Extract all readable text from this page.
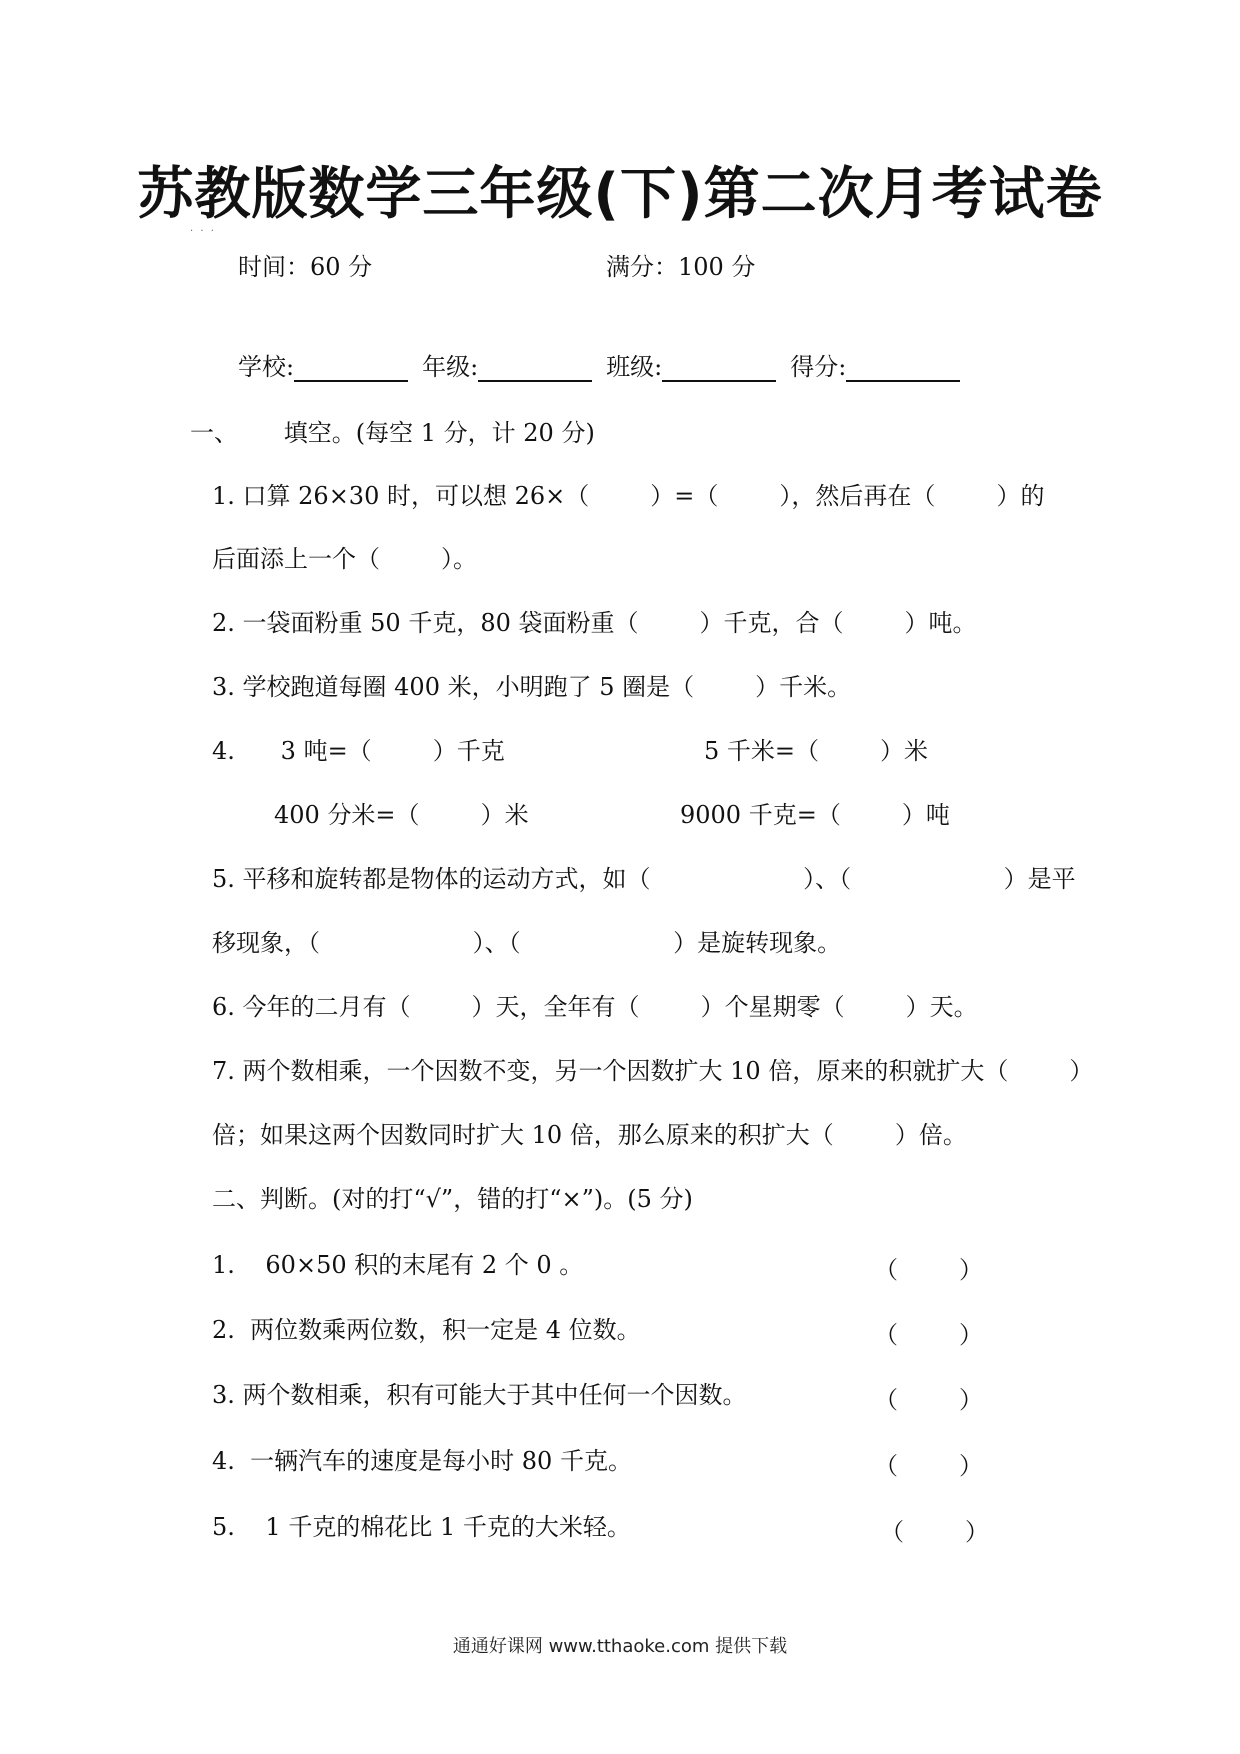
苏教版数学三年级(下)第二次月考试卷
· · ·
时间：60 分	满分：100 分
学校:	年级:	班级:	得分:
一、      填空。(每空 1 分，计 20 分)
1. 口算 26×30 时，可以想 26×（        ）=（        ），然后再在（        ）的
后面添上一个（        ）。
2. 一袋面粉重 50 千克，80 袋面粉重（        ）千克，合（        ）吨。
3. 学校跑道每圈 400 米，小明跑了 5 圈是（        ）千米。
4.      3 吨=（        ）千克	5 千米=（        ）米
400 分米=（        ）米	9000 千克=（        ）吨
5. 平移和旋转都是物体的运动方式，如（                    ）、（                    ）是平
移现象，（                    ）、（                    ）是旋转现象。
6. 今年的二月有（        ）天，全年有（        ）个星期零（        ）天。
7. 两个数相乘，一个因数不变，另一个因数扩大 10 倍，原来的积就扩大（        ）
倍；如果这两个因数同时扩大 10 倍，那么原来的积扩大（        ）倍。
二、判断。(对的打“√”，错的打“×”)。(5 分)
1.    60×50 积的末尾有 2 个 0 。	（        ）
2.  两位数乘两位数，积一定是 4 位数。	（        ）
3. 两个数相乘，积有可能大于其中任何一个因数。	（        ）
4.  一辆汽车的速度是每小时 80 千克。	（        ）
5.    1 千克的棉花比 1 千克的大米轻。	（        ）
通通好课网 www.tthaoke.com 提供下载
